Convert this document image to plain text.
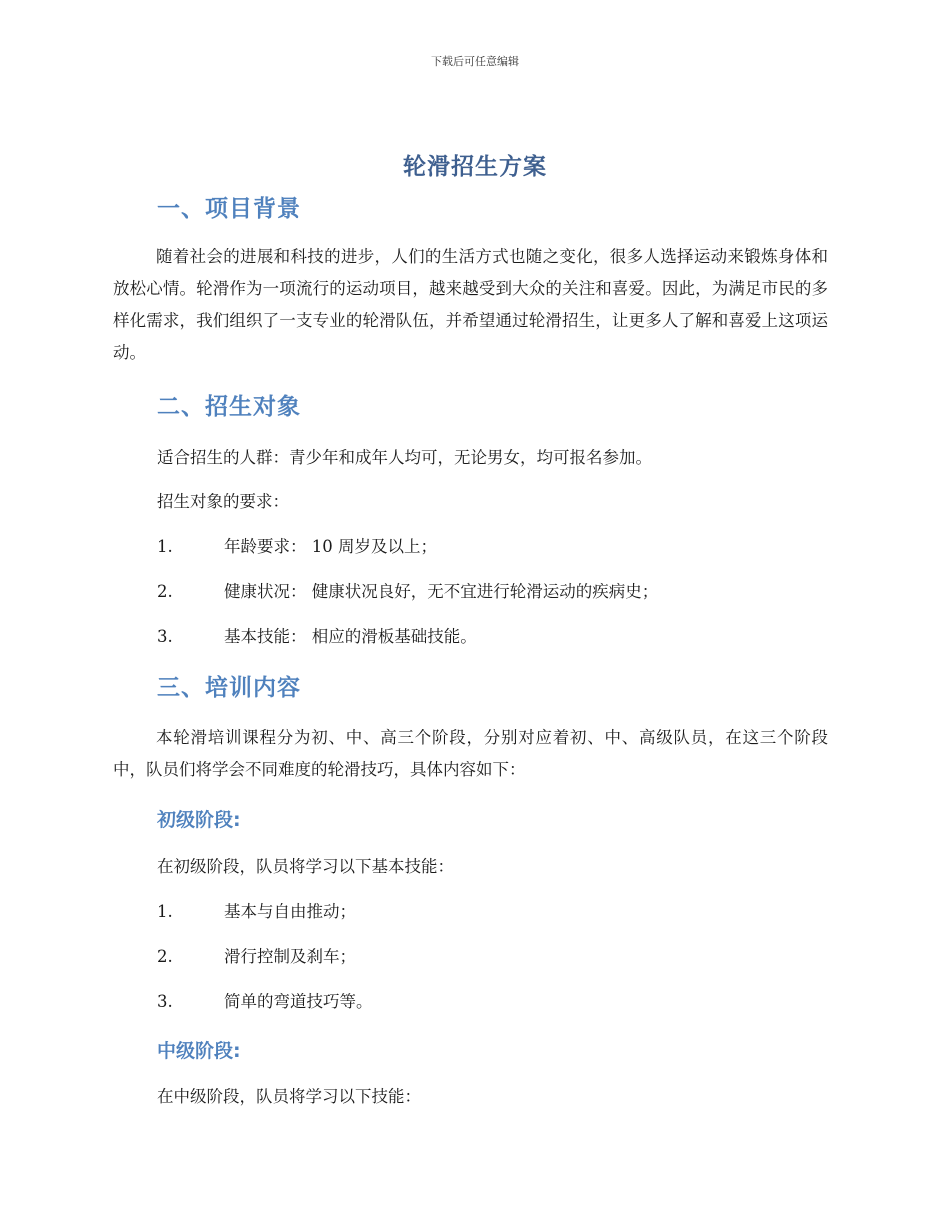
下载后可任意编辑
轮滑招生方案
一、项目背景
随着社会的进展和科技的进步，人们的生活方式也随之变化，很多人选择运动来锻炼身体和放松心情。轮滑作为一项流行的运动项目，越来越受到大众的关注和喜爱。因此，为满足市民的多样化需求，我们组织了一支专业的轮滑队伍，并希望通过轮滑招生，让更多人了解和喜爱上这项运动。
二、招生对象
适合招生的人群：青少年和成年人均可，无论男女，均可报名参加。
招生对象的要求：
1.	年龄要求： 10 周岁及以上；
2.	健康状况： 健康状况良好，无不宜进行轮滑运动的疾病史；
3.	基本技能： 相应的滑板基础技能。
三、培训内容
本轮滑培训课程分为初、中、高三个阶段，分别对应着初、中、高级队员，在这三个阶段中，队员们将学会不同难度的轮滑技巧，具体内容如下：
初级阶段:
在初级阶段，队员将学习以下基本技能：
1.	基本与自由推动；
2.	滑行控制及刹车；
3.	简单的弯道技巧等。
中级阶段:
在中级阶段，队员将学习以下技能：
